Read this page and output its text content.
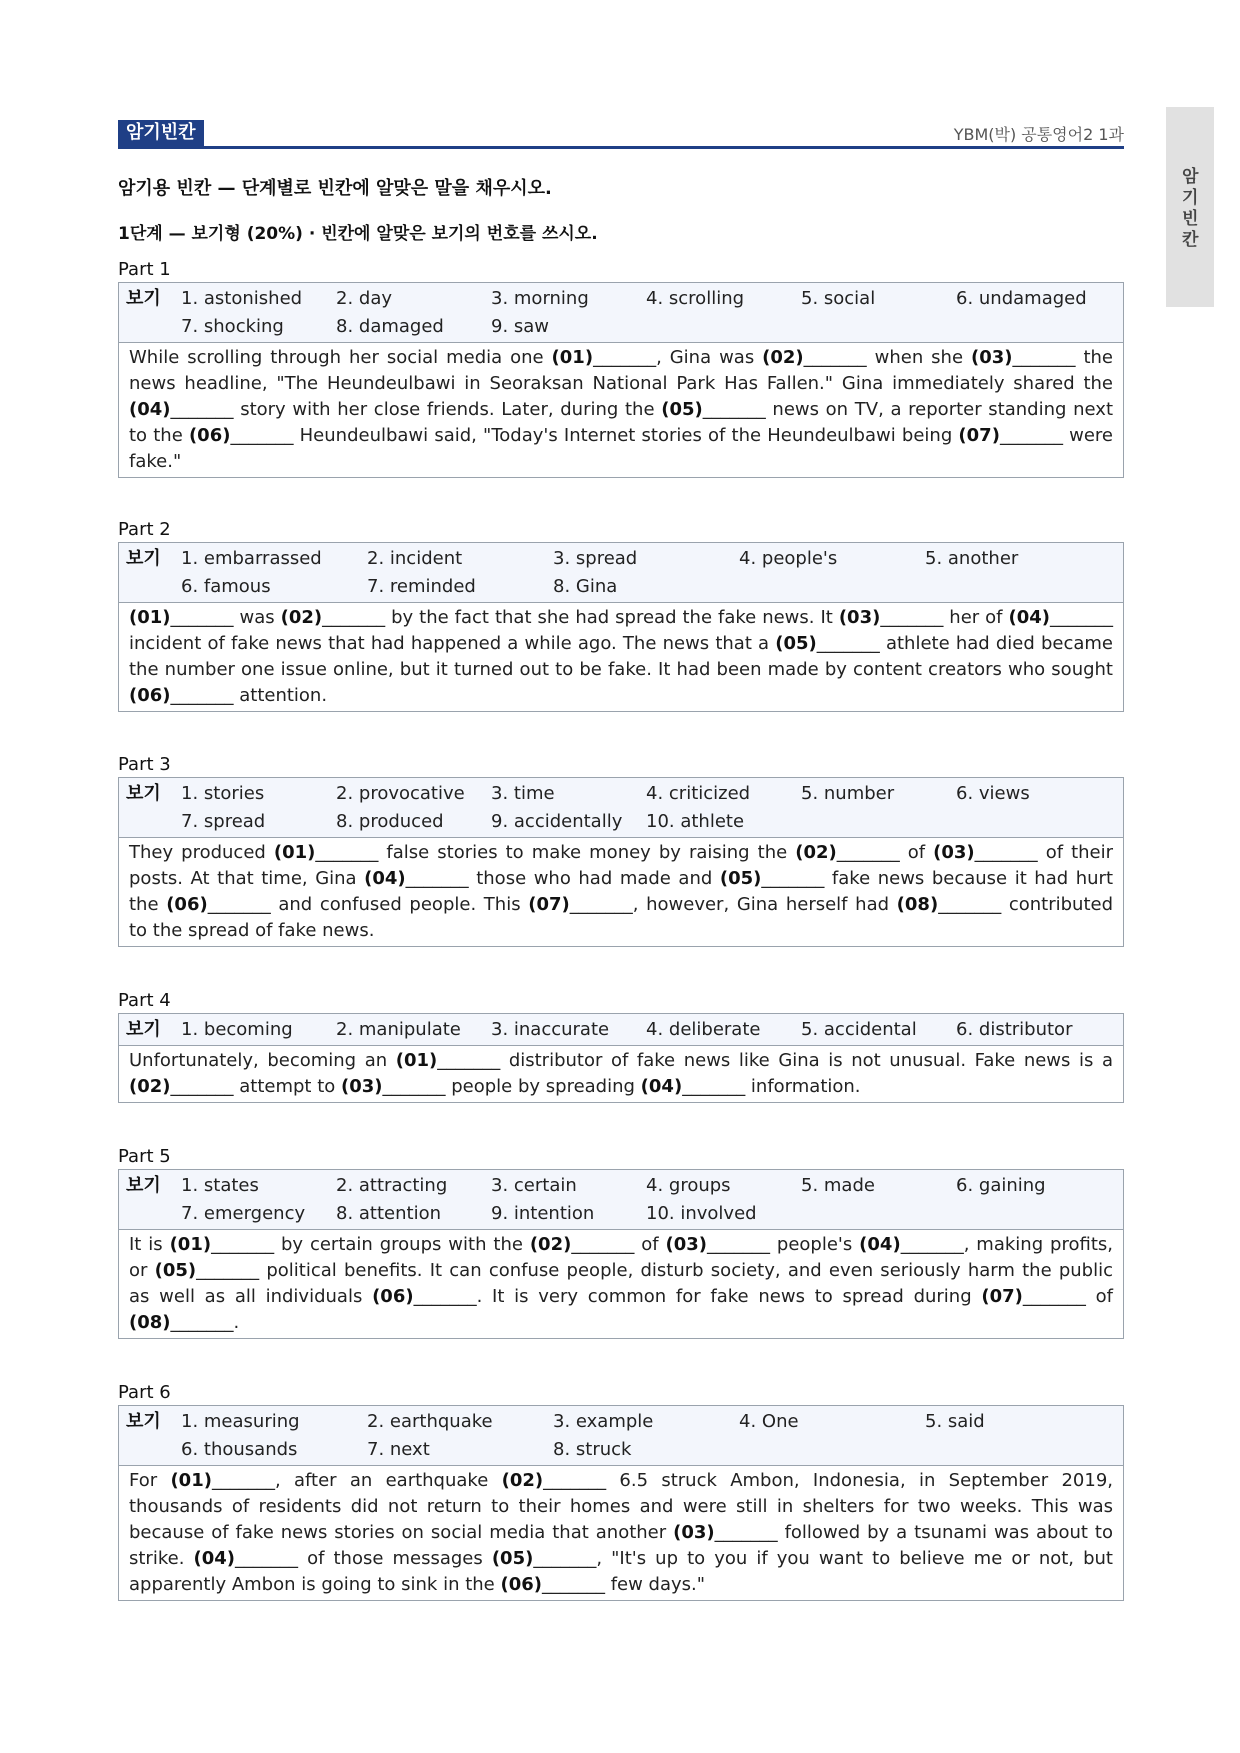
암기빈칸	YBM(박) 공통영어2 1과
암기빈칸
암기용 빈칸 — 단계별로 빈칸에 알맞은 말을 채우시오.
1단계 — 보기형 (20%) · 빈칸에 알맞은 보기의 번호를 쓰시오.
Part 1
보기	1. astonished	2. day	3. morning	4. scrolling	5. social	6. undamaged
7. shocking	8. damaged	9. saw
While scrolling through her social media one (01)_______, Gina was (02)_______ when she (03)_______ the news headline, "The Heundeulbawi in Seoraksan National Park Has Fallen." Gina immediately shared the (04)_______ story with her close friends. Later, during the (05)_______ news on TV, a reporter standing next to the (06)_______ Heundeulbawi said, "Today's Internet stories of the Heundeulbawi being (07)_______ were fake."
Part 2
보기	1. embarrassed	2. incident	3. spread	4. people's	5. another
6. famous	7. reminded	8. Gina
(01)_______ was (02)_______ by the fact that she had spread the fake news. It (03)_______ her of (04)_______ incident of fake news that had happened a while ago. The news that a (05)_______ athlete had died became the number one issue online, but it turned out to be fake. It had been made by content creators who sought (06)_______ attention.
Part 3
보기	1. stories	2. provocative	3. time	4. criticized	5. number	6. views
7. spread	8. produced	9. accidentally	10. athlete
They produced (01)_______ false stories to make money by raising the (02)_______ of (03)_______ of their posts. At that time, Gina (04)_______ those who had made and (05)_______ fake news because it had hurt the (06)_______ and confused people. This (07)_______, however, Gina herself had (08)_______ contributed to the spread of fake news.
Part 4
보기	1. becoming	2. manipulate	3. inaccurate	4. deliberate	5. accidental	6. distributor
Unfortunately, becoming an (01)_______ distributor of fake news like Gina is not unusual. Fake news is a (02)_______ attempt to (03)_______ people by spreading (04)_______ information.
Part 5
보기	1. states	2. attracting	3. certain	4. groups	5. made	6. gaining
7. emergency	8. attention	9. intention	10. involved
It is (01)_______ by certain groups with the (02)_______ of (03)_______ people's (04)_______, making profits, or (05)_______ political benefits. It can confuse people, disturb society, and even seriously harm the public as well as all individuals (06)_______. It is very common for fake news to spread during (07)_______ of (08)_______.
Part 6
보기	1. measuring	2. earthquake	3. example	4. One	5. said
6. thousands	7. next	8. struck
For (01)_______, after an earthquake (02)_______ 6.5 struck Ambon, Indonesia, in September 2019, thousands of residents did not return to their homes and were still in shelters for two weeks. This was because of fake news stories on social media that another (03)_______ followed by a tsunami was about to strike. (04)_______ of those messages (05)_______, "It's up to you if you want to believe me or not, but apparently Ambon is going to sink in the (06)_______ few days."
